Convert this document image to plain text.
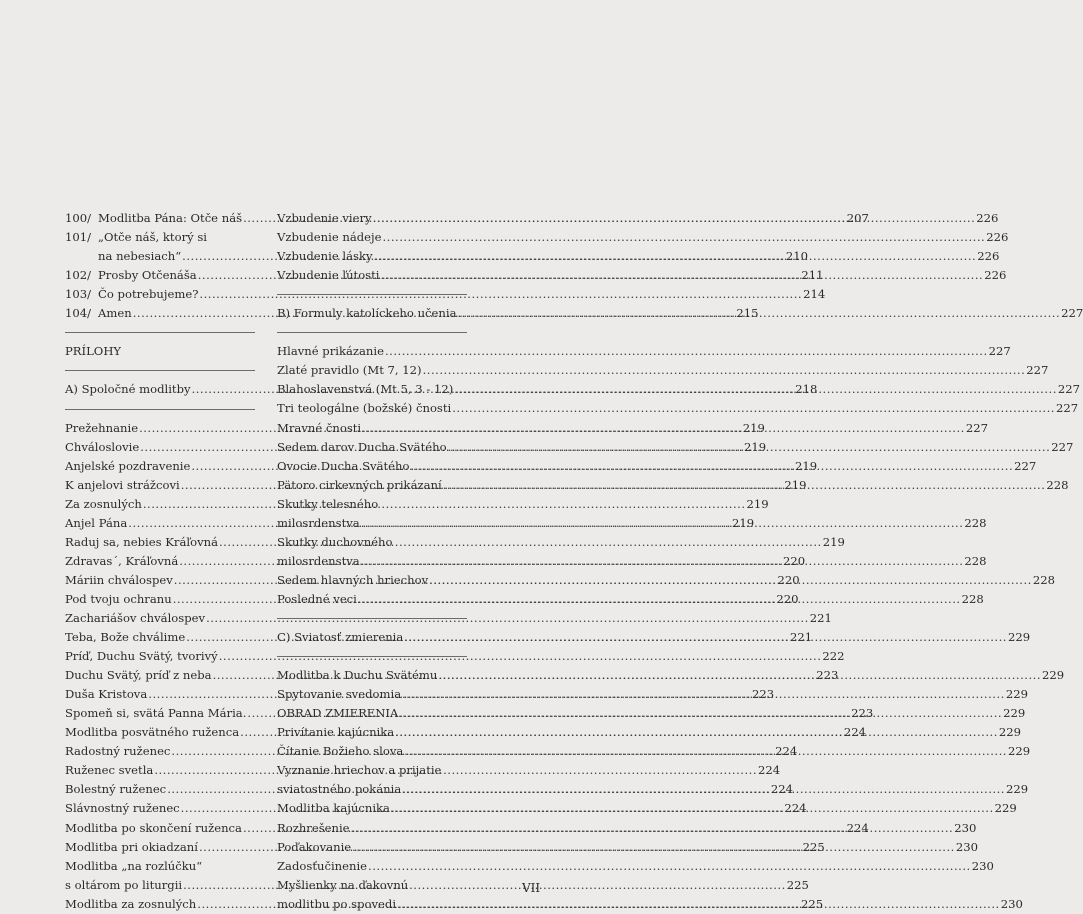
100/ Modlitba Pána: Otče náš .....	207
101/ „Otče náš, ktorý si
na nebesiach“ .....	210
102/ Prosby Otčenáša .....	211
103/ Čo potrebujeme? .....	214
104/ Amen .....	215
PRÍLOHY
A) Spoločné modlitby .....	218
Prežehnanie .....	219
Chváloslovie .....	219
Anjelské pozdravenie .....	219
K anjelovi strážcovi .....	219
Za zosnulých .....	219
Anjel Pána .....	219
Raduj sa, nebies Kráľovná .....	219
Zdravas´, Kráľovná .....	220
Máriin chválospev .....	220
Pod tvoju ochranu .....	220
Zachariášov chválospev .....	221
Teba, Bože chválime .....	221
Príď, Duchu Svätý, tvorivý .....	222
Duchu Svätý, príď z neba .....	223
Duša Kristova .....	223
Spomeň si, svätá Panna Mária. .....	223
Modlitba posvätného ruženca .....	224
Radostný ruženec .....	224
Ruženec svetla .....	224
Bolestný ruženec .....	224
Slávnostný ruženec .....	224
Modlitba po skončení ruženca .....	224
Modlitba pri okiadzaní .....	225
Modlitba „na rozlúčku“
s oltárom po liturgii .....	225
Modlitba za zosnulých .....	225
Vzbudenie viery .....	226
Vzbudenie nádeje .....	226
Vzbudenie lásky .....	226
Vzbudenie ľútosti .....	226
B) Formuly katolíckeho učenia .....	227
Hlavné prikázanie .....	227
Zlaté pravidlo (Mt 7, 12) .....	227
Blahoslavenstvá (Mt 5, 3 - 12) .....	227
Tri teologálne (božské) čnosti .....	227
Mravné čnosti .....	227
Sedem darov Ducha Svätého .....	227
Ovocie Ducha Svätého .....	227
Pätoro cirkevných prikázaní .....	228
Skutky telesného
milosrdenstva .....	228
Skutky duchovného
milosrdenstva .....	228
Sedem hlavných hriechov .....	228
Posledné veci .....	228
C) Sviatosť zmierenia .....	229
Modlitba k Duchu Svätému .....	229
Spytovanie svedomia .....	229
OBRAD ZMIERENIA .....	229
Privítanie kajúcnika .....	229
Čítanie Božieho slova .....	229
Vyznanie hriechov a prijatie
sviatostného pokánia .....	229
Modlitba kajúcnika .....	229
Rozhrešenie .....	230
Poďakovanie .....	230
Zadosťučinenie .....	230
Myšlienky na ďakovnú
modlitbu po spovedi .....	230
VII
